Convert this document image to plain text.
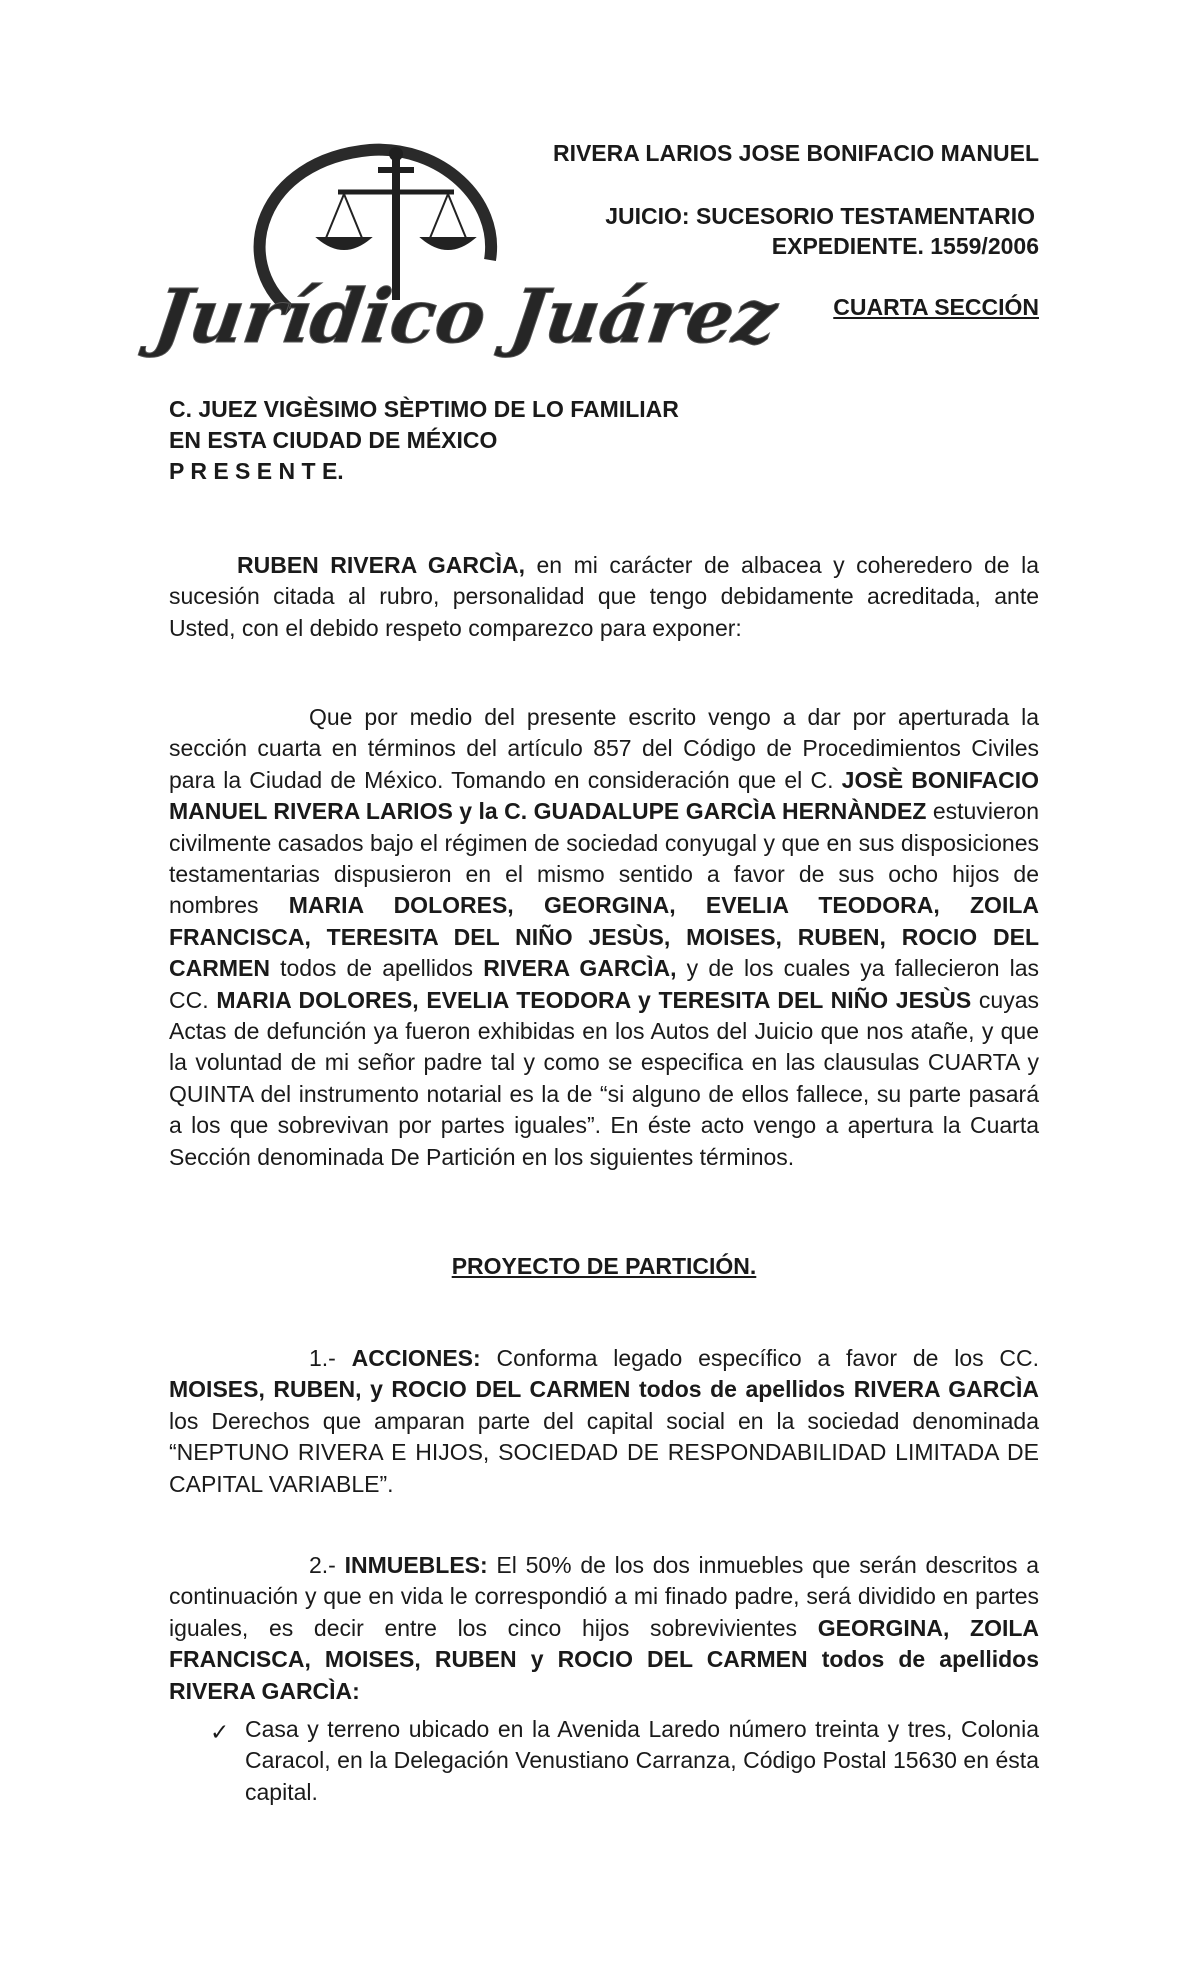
Jurídico Juárez
RIVERA LARIOS JOSE BONIFACIO MANUEL
JUICIO: SUCESORIO TESTAMENTARIO
EXPEDIENTE. 1559/2006
CUARTA SECCIÓN
C. JUEZ VIGÈSIMO SÈPTIMO DE LO FAMILIAR
EN ESTA CIUDAD DE MÉXICO
P R E S E N T E.

RUBEN RIVERA GARCÌA, en mi carácter de albacea y coheredero de la sucesión citada al rubro, personalidad que tengo debidamente acreditada, ante Usted, con el debido respeto comparezco para exponer:

Que por medio del presente escrito vengo a dar por aperturada la sección cuarta en términos del artículo 857 del Código de Procedimientos Civiles para la Ciudad de México. Tomando en consideración que el C. JOSÈ BONIFACIO MANUEL RIVERA LARIOS y la C. GUADALUPE GARCÌA HERNÀNDEZ estuvieron civilmente casados bajo el régimen de sociedad conyugal y que en sus disposiciones testamentarias dispusieron en el mismo sentido a favor de sus ocho hijos de nombres MARIA DOLORES, GEORGINA, EVELIA TEODORA, ZOILA FRANCISCA, TERESITA DEL NIÑO JESÙS, MOISES, RUBEN, ROCIO DEL CARMEN todos de apellidos RIVERA GARCÌA, y de los cuales ya fallecieron las CC. MARIA DOLORES, EVELIA TEODORA y TERESITA DEL NIÑO JESÙS cuyas Actas de defunción ya fueron exhibidas en los Autos del Juicio que nos atañe, y que la voluntad de mi señor padre tal y como se especifica en las clausulas CUARTA y QUINTA del instrumento notarial es la de “si alguno de ellos fallece, su parte pasará a los que sobrevivan por partes iguales”. En éste acto vengo a apertura la Cuarta Sección denominada De Partición en los siguientes términos.

PROYECTO DE PARTICIÓN.

1.- ACCIONES: Conforma legado específico a favor de los CC. MOISES, RUBEN, y ROCIO DEL CARMEN todos de apellidos RIVERA GARCÌA los Derechos que amparan parte del capital social en la sociedad denominada “NEPTUNO RIVERA E HIJOS, SOCIEDAD DE RESPONDABILIDAD LIMITADA DE CAPITAL VARIABLE”.

2.- INMUEBLES: El 50% de los dos inmuebles que serán descritos a continuación y que en vida le correspondió a mi finado padre, será dividido en partes iguales, es decir entre los cinco hijos sobrevivientes GEORGINA, ZOILA FRANCISCA, MOISES, RUBEN y ROCIO DEL CARMEN todos de apellidos RIVERA GARCÌA:

✓ Casa y terreno ubicado en la Avenida Laredo número treinta y tres, Colonia Caracol, en la Delegación Venustiano Carranza, Código Postal 15630 en ésta capital.
